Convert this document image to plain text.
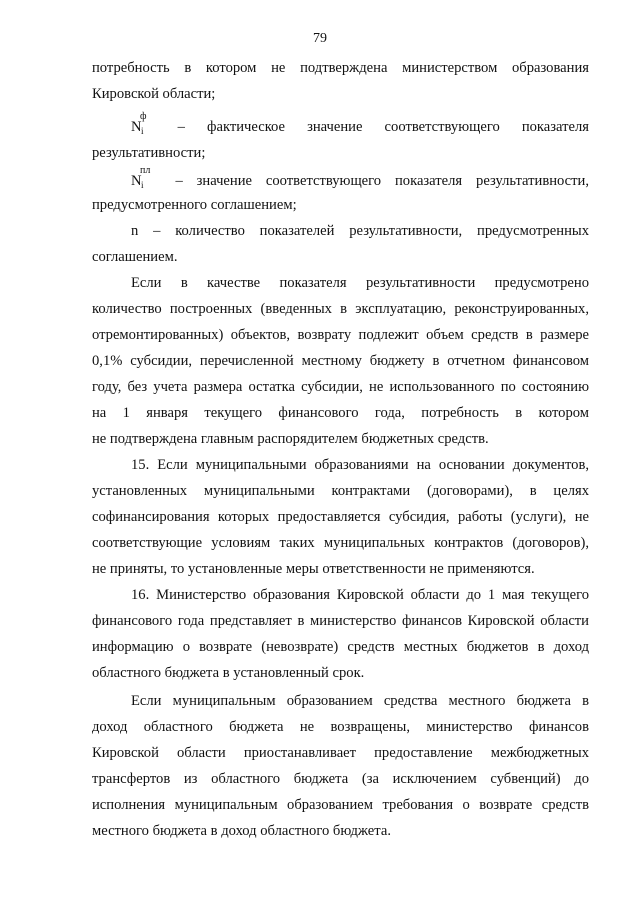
79
потребность в котором не подтверждена министерством образования
Кировской области;
N
ф
i – фактическое значение соответствующего показателя
результативности;
N
пл
i – значение соответствующего показателя результативности,
предусмотренного соглашением;
n – количество показателей результативности, предусмотренных
соглашением.
Если в качестве показателя результативности предусмотрено
количество построенных (введенных в эксплуатацию, реконструированных,
отремонтированных) объектов, возврату подлежит объем средств в размере
0,1% субсидии, перечисленной местному бюджету в отчетном финансовом
году, без учета размера остатка субсидии, не использованного по состоянию
на 1 января текущего финансового года, потребность в котором
не подтверждена главным распорядителем бюджетных средств.
15. Если муниципальными образованиями на основании документов,
установленных муниципальными контрактами (договорами), в целях
софинансирования которых предоставляется субсидия, работы (услуги), не
соответствующие условиям таких муниципальных контрактов (договоров),
не приняты, то установленные меры ответственности не применяются.
16. Министерство образования Кировской области до 1 мая текущего
финансового года представляет в министерство финансов Кировской области
информацию о возврате (невозврате) средств местных бюджетов в доход
областного бюджета в установленный срок.
Если муниципальным образованием средства местного бюджета в
доход областного бюджета не возвращены, министерство финансов
Кировской области приостанавливает предоставление межбюджетных
трансфертов из областного бюджета (за исключением субвенций) до
исполнения муниципальным образованием требования о возврате средств
местного бюджета в доход областного бюджета.
